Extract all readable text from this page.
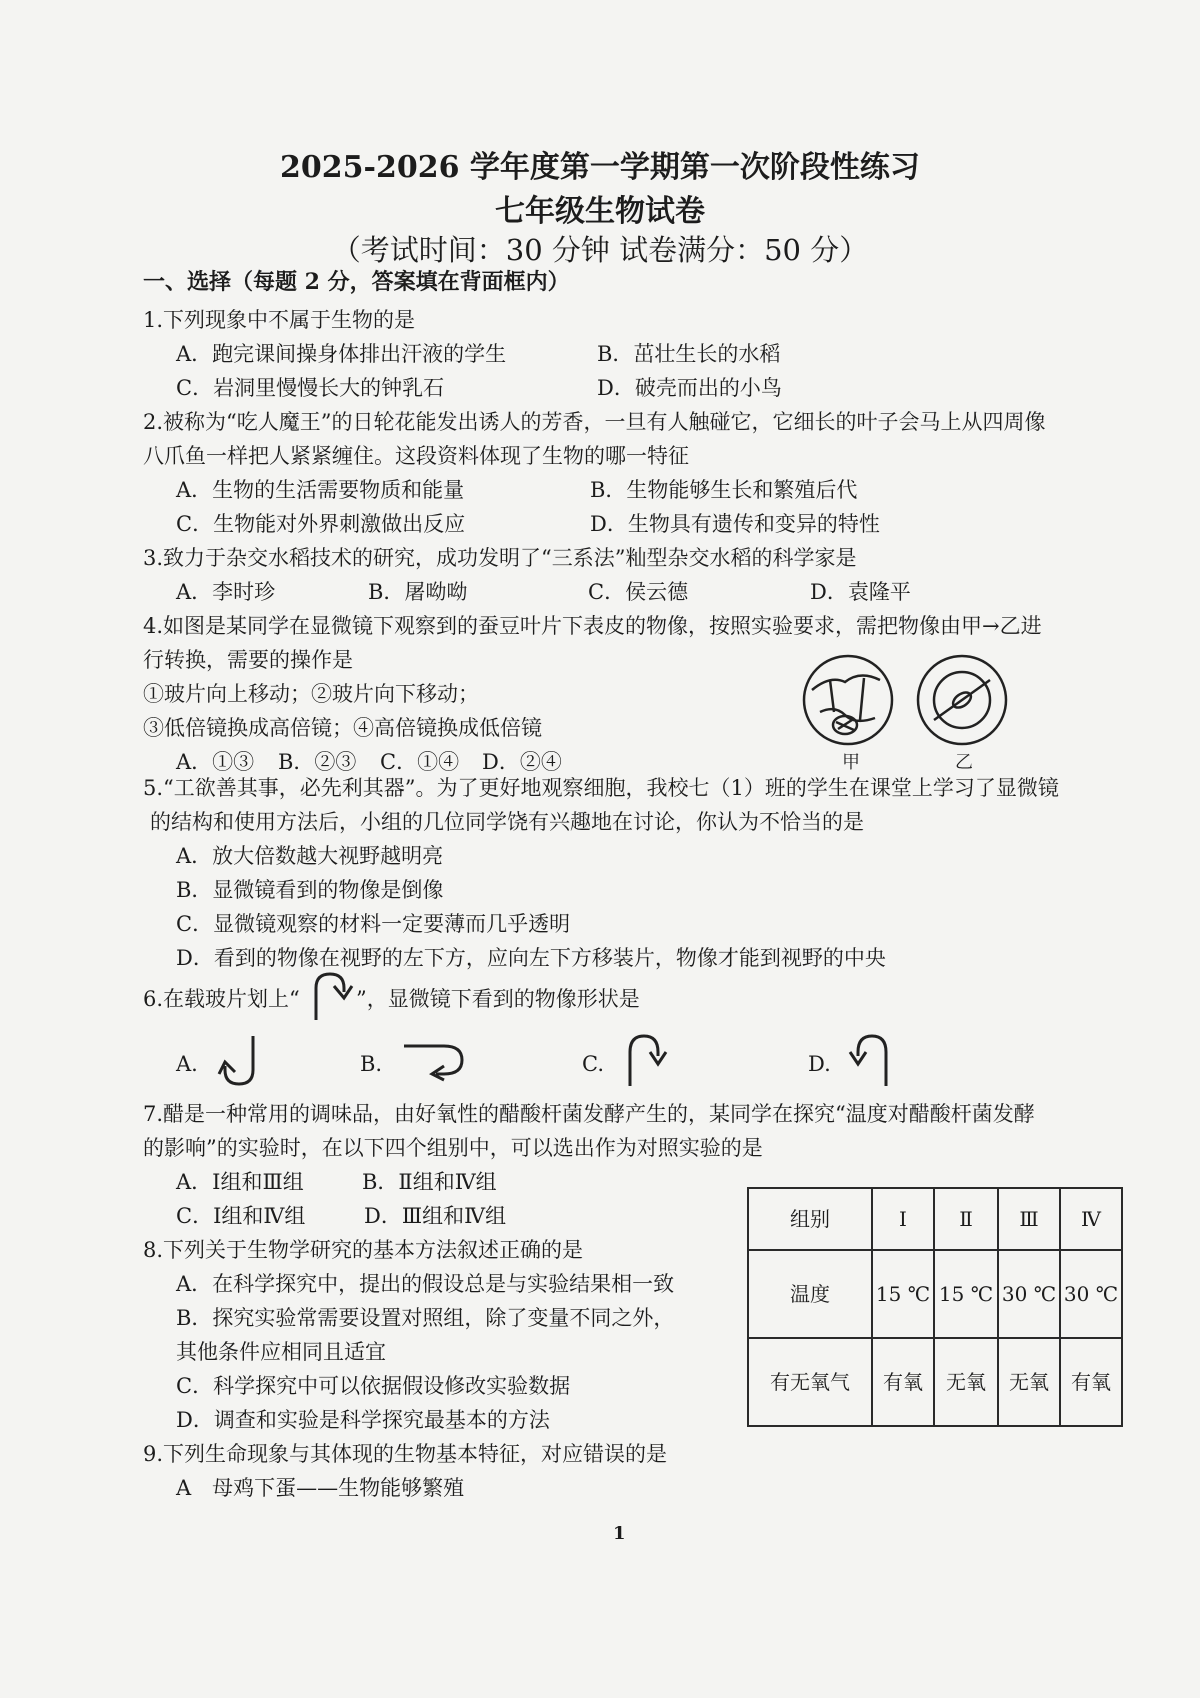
2025-2026 学年度第一学期第一次阶段性练习
七年级生物试卷
（考试时间：30 分钟 试卷满分：50 分）
一、选择（每题 2 分，答案填在背面框内）
1.下列现象中不属于生物的是
A．跑完课间操身体排出汗液的学生	B．茁壮生长的水稻
C．岩洞里慢慢长大的钟乳石	D．破壳而出的小鸟
2.被称为“吃人魔王”的日轮花能发出诱人的芳香，一旦有人触碰它，它细长的叶子会马上从四周像
八爪鱼一样把人紧紧缠住。这段资料体现了生物的哪一特征
A．生物的生活需要物质和能量	B．生物能够生长和繁殖后代
C．生物能对外界刺激做出反应	D．生物具有遗传和变异的特性
3.致力于杂交水稻技术的研究，成功发明了“三系法”籼型杂交水稻的科学家是
A．李时珍	B．屠呦呦	C．侯云德	D．袁隆平
4.如图是某同学在显微镜下观察到的蚕豆叶片下表皮的物像，按照实验要求，需把物像由甲→乙进
行转换，需要的操作是
①玻片向上移动；②玻片向下移动；
③低倍镜换成高倍镜；④高倍镜换成低倍镜
A．①③ B．②③ C．①④ D．②④	甲	乙
5.“工欲善其事，必先利其器”。为了更好地观察细胞，我校七（1）班的学生在课堂上学习了显微镜
的结构和使用方法后，小组的几位同学饶有兴趣地在讨论，你认为不恰当的是
A．放大倍数越大视野越明亮
B．显微镜看到的物像是倒像
C．显微镜观察的材料一定要薄而几乎透明
D．看到的物像在视野的左下方，应向左下方移装片，物像才能到视野的中央
6.在载玻片划上“	”，显微镜下看到的物像形状是
A.	B.	C.	D.
7.醋是一种常用的调味品，由好氧性的醋酸杆菌发酵产生的，某同学在探究“温度对醋酸杆菌发酵
的影响”的实验时，在以下四个组别中，可以选出作为对照实验的是
A．Ⅰ组和Ⅲ组	B．Ⅱ组和Ⅳ组
C．Ⅰ组和Ⅳ组	D．Ⅲ组和Ⅳ组	组别	Ⅰ	Ⅱ	Ⅲ	Ⅳ
温度	15 ℃	15 ℃	30 ℃	30 ℃
有无氧气	有氧	无氧	无氧	有氧
8.下列关于生物学研究的基本方法叙述正确的是
A．在科学探究中，提出的假设总是与实验结果相一致
B．探究实验常需要设置对照组，除了变量不同之外，
其他条件应相同且适宜
C．科学探究中可以依据假设修改实验数据
D．调查和实验是科学探究最基本的方法
9.下列生命现象与其体现的生物基本特征，对应错误的是
A　母鸡下蛋——生物能够繁殖
1
